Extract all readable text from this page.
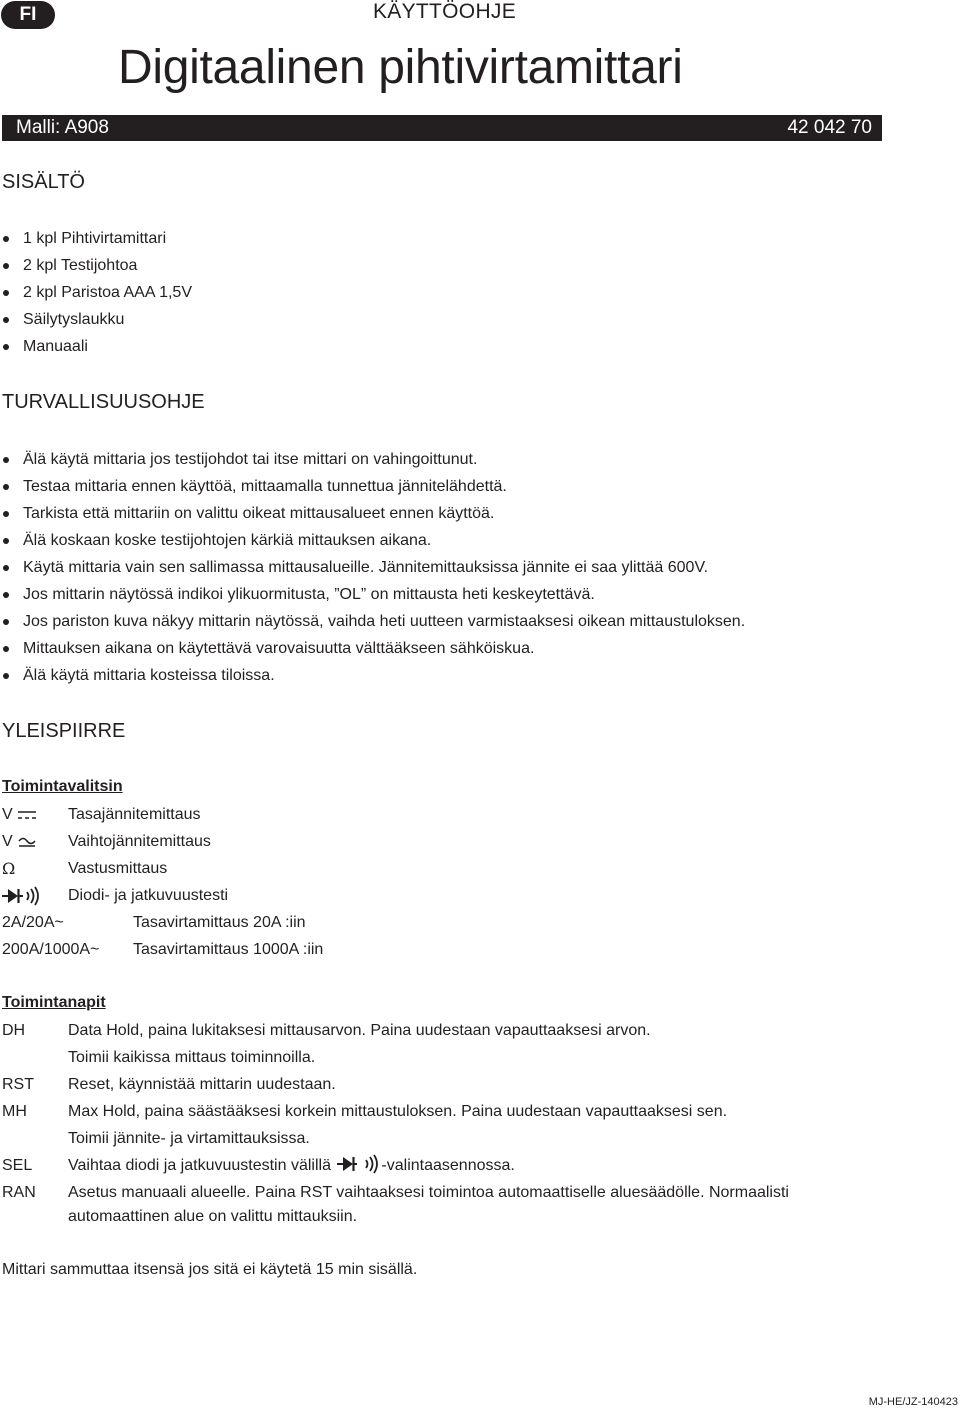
FI	KÄYTTÖOHJE
Digitaalinen pihtivirtamittari
Malli: A908	42 042 70
SISÄLTÖ
1 kpl Pihtivirtamittari
2 kpl Testijohtoa
2 kpl Paristoa AAA 1,5V
Säilytyslaukku
Manuaali
TURVALLISUUSOHJE
Älä käytä mittaria jos testijohdot tai itse mittari on vahingoittunut.
Testaa mittaria ennen käyttöä, mittaamalla tunnettua jännitelähdettä.
Tarkista että mittariin on valittu oikeat mittausalueet ennen käyttöä.
Älä koskaan koske testijohtojen kärkiä mittauksen aikana.
Käytä mittaria vain sen sallimassa mittausalueille. Jännitemittauksissa jännite ei saa ylittää 600V.
Jos mittarin näytössä indikoi ylikuormitusta, ”OL” on mittausta heti keskeytettävä.
Jos pariston kuva näkyy mittarin näytössä, vaihda heti uutteen varmistaaksesi oikean mittaustuloksen.
Mittauksen aikana on käytettävä varovaisuutta välttääkseen sähköiskua.
Älä käytä mittaria kosteissa tiloissa.
YLEISPIIRRE
Toimintavalitsin
V	Tasajännitemittaus
V	Vaihtojännitemittaus
Ω	Vastusmittaus
Diodi- ja jatkuvuustesti
2A/20A~	Tasavirtamittaus 20A :iin
200A/1000A~ Tasavirtamittaus 1000A :iin
Toimintanapit
DH	Data Hold, paina lukitaksesi mittausarvon. Paina uudestaan vapauttaaksesi arvon.
Toimii kaikissa mittaus toiminnoilla.
RST Reset, käynnistää mittarin uudestaan.
MH	Max Hold, paina säästääksesi korkein mittaustuloksen. Paina uudestaan vapauttaaksesi sen.
Toimii jännite- ja virtamittauksissa.
SEL Vaihtaa diodi ja jatkuvuustestin välillä	-valintaasennossa.
RAN Asetus manuaali alueelle. Paina RST vaihtaaksesi toimintoa automaattiselle aluesäädölle. Normaalisti
automaattinen alue on valittu mittauksiin.
Mittari sammuttaa itsensä jos sitä ei käytetä 15 min sisällä.
MJ-HE/JZ-140423
